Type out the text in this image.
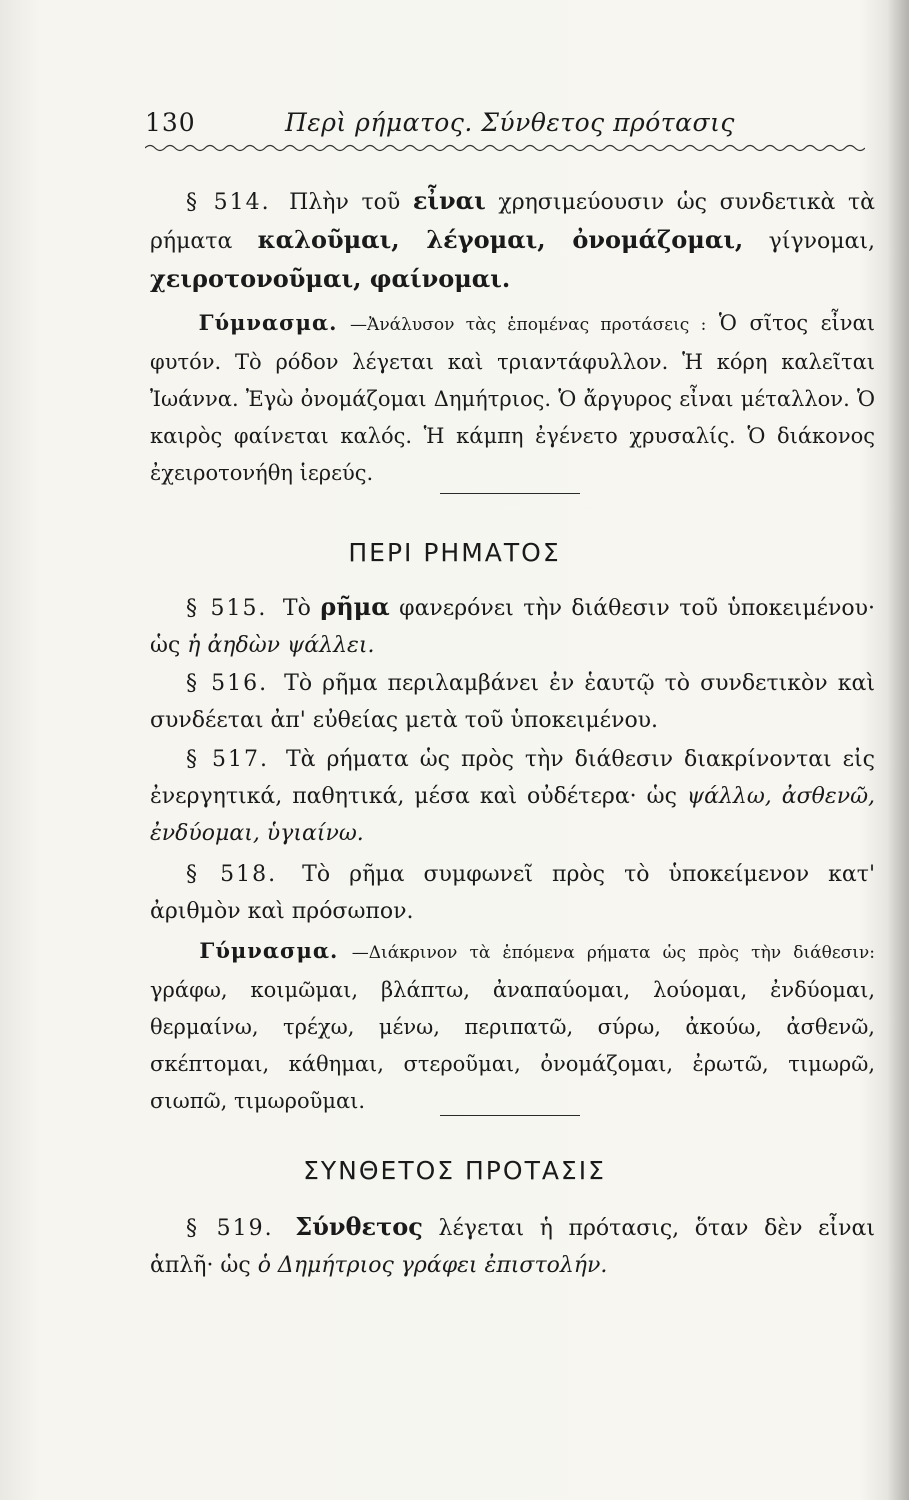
130	Περὶ ρήματος. Σύνθετος πρότασις
§ 514. Πλὴν τοῦ εἶναι χρησιμεύουσιν ὡς συνδετικὰ τὰ ρήματα καλοῦμαι, λέγομαι, ὀνομάζομαι, γίγνομαι, χειροτονοῦμαι, φαίνομαι.
Γύμνασμα. —Ἀνάλυσον τὰς ἑπομένας προτάσεις : Ὁ σῖτος εἶναι φυτόν. Τὸ ρόδον λέγεται καὶ τριαντάφυλλον. Ἡ κόρη καλεῖται Ἰωάννα. Ἐγὼ ὀνομάζομαι Δημήτριος. Ὁ ἄργυρος εἶναι μέταλλον. Ὁ καιρὸς φαίνεται καλός. Ἡ κάμπη ἐγένετο χρυσαλίς. Ὁ διάκονος ἐχειροτονήθη ἱερεύς.
ΠΕΡΙ ΡΗΜΑΤΟΣ
§ 515. Τὸ ρῆμα φανερόνει τὴν διάθεσιν τοῦ ὑποκειμένου· ὡς ἡ ἀηδὼν ψάλλει.
§ 516. Τὸ ρῆμα περιλαμβάνει ἐν ἑαυτῷ τὸ συνδετικὸν καὶ συνδέεται ἀπ' εὐθείας μετὰ τοῦ ὑποκειμένου.
§ 517. Τὰ ρήματα ὡς πρὸς τὴν διάθεσιν διακρίνονται εἰς ἐνεργητικά, παθητικά, μέσα καὶ οὐδέτερα· ὡς ψάλλω, ἀσθενῶ, ἐνδύομαι, ὑγιαίνω.
§ 518. Τὸ ρῆμα συμφωνεῖ πρὸς τὸ ὑποκείμενον κατ' ἀριθμὸν καὶ πρόσωπον.
Γύμνασμα. —Διάκρινον τὰ ἑπόμενα ρήματα ὡς πρὸς τὴν διάθεσιν: γράφω, κοιμῶμαι, βλάπτω, ἀναπαύομαι, λούομαι, ἐνδύομαι, θερμαίνω, τρέχω, μένω, περιπατῶ, σύρω, ἀκούω, ἀσθενῶ, σκέπτομαι, κάθημαι, στεροῦμαι, ὀνομάζομαι, ἐρωτῶ, τιμωρῶ, σιωπῶ, τιμωροῦμαι.
ΣΥΝΘΕΤΟΣ ΠΡΟΤΑΣΙΣ
§ 519. Σύνθετος λέγεται ἡ πρότασις, ὅταν δὲν εἶναι ἁπλῆ· ὡς ὁ Δημήτριος γράφει ἐπιστολήν.
